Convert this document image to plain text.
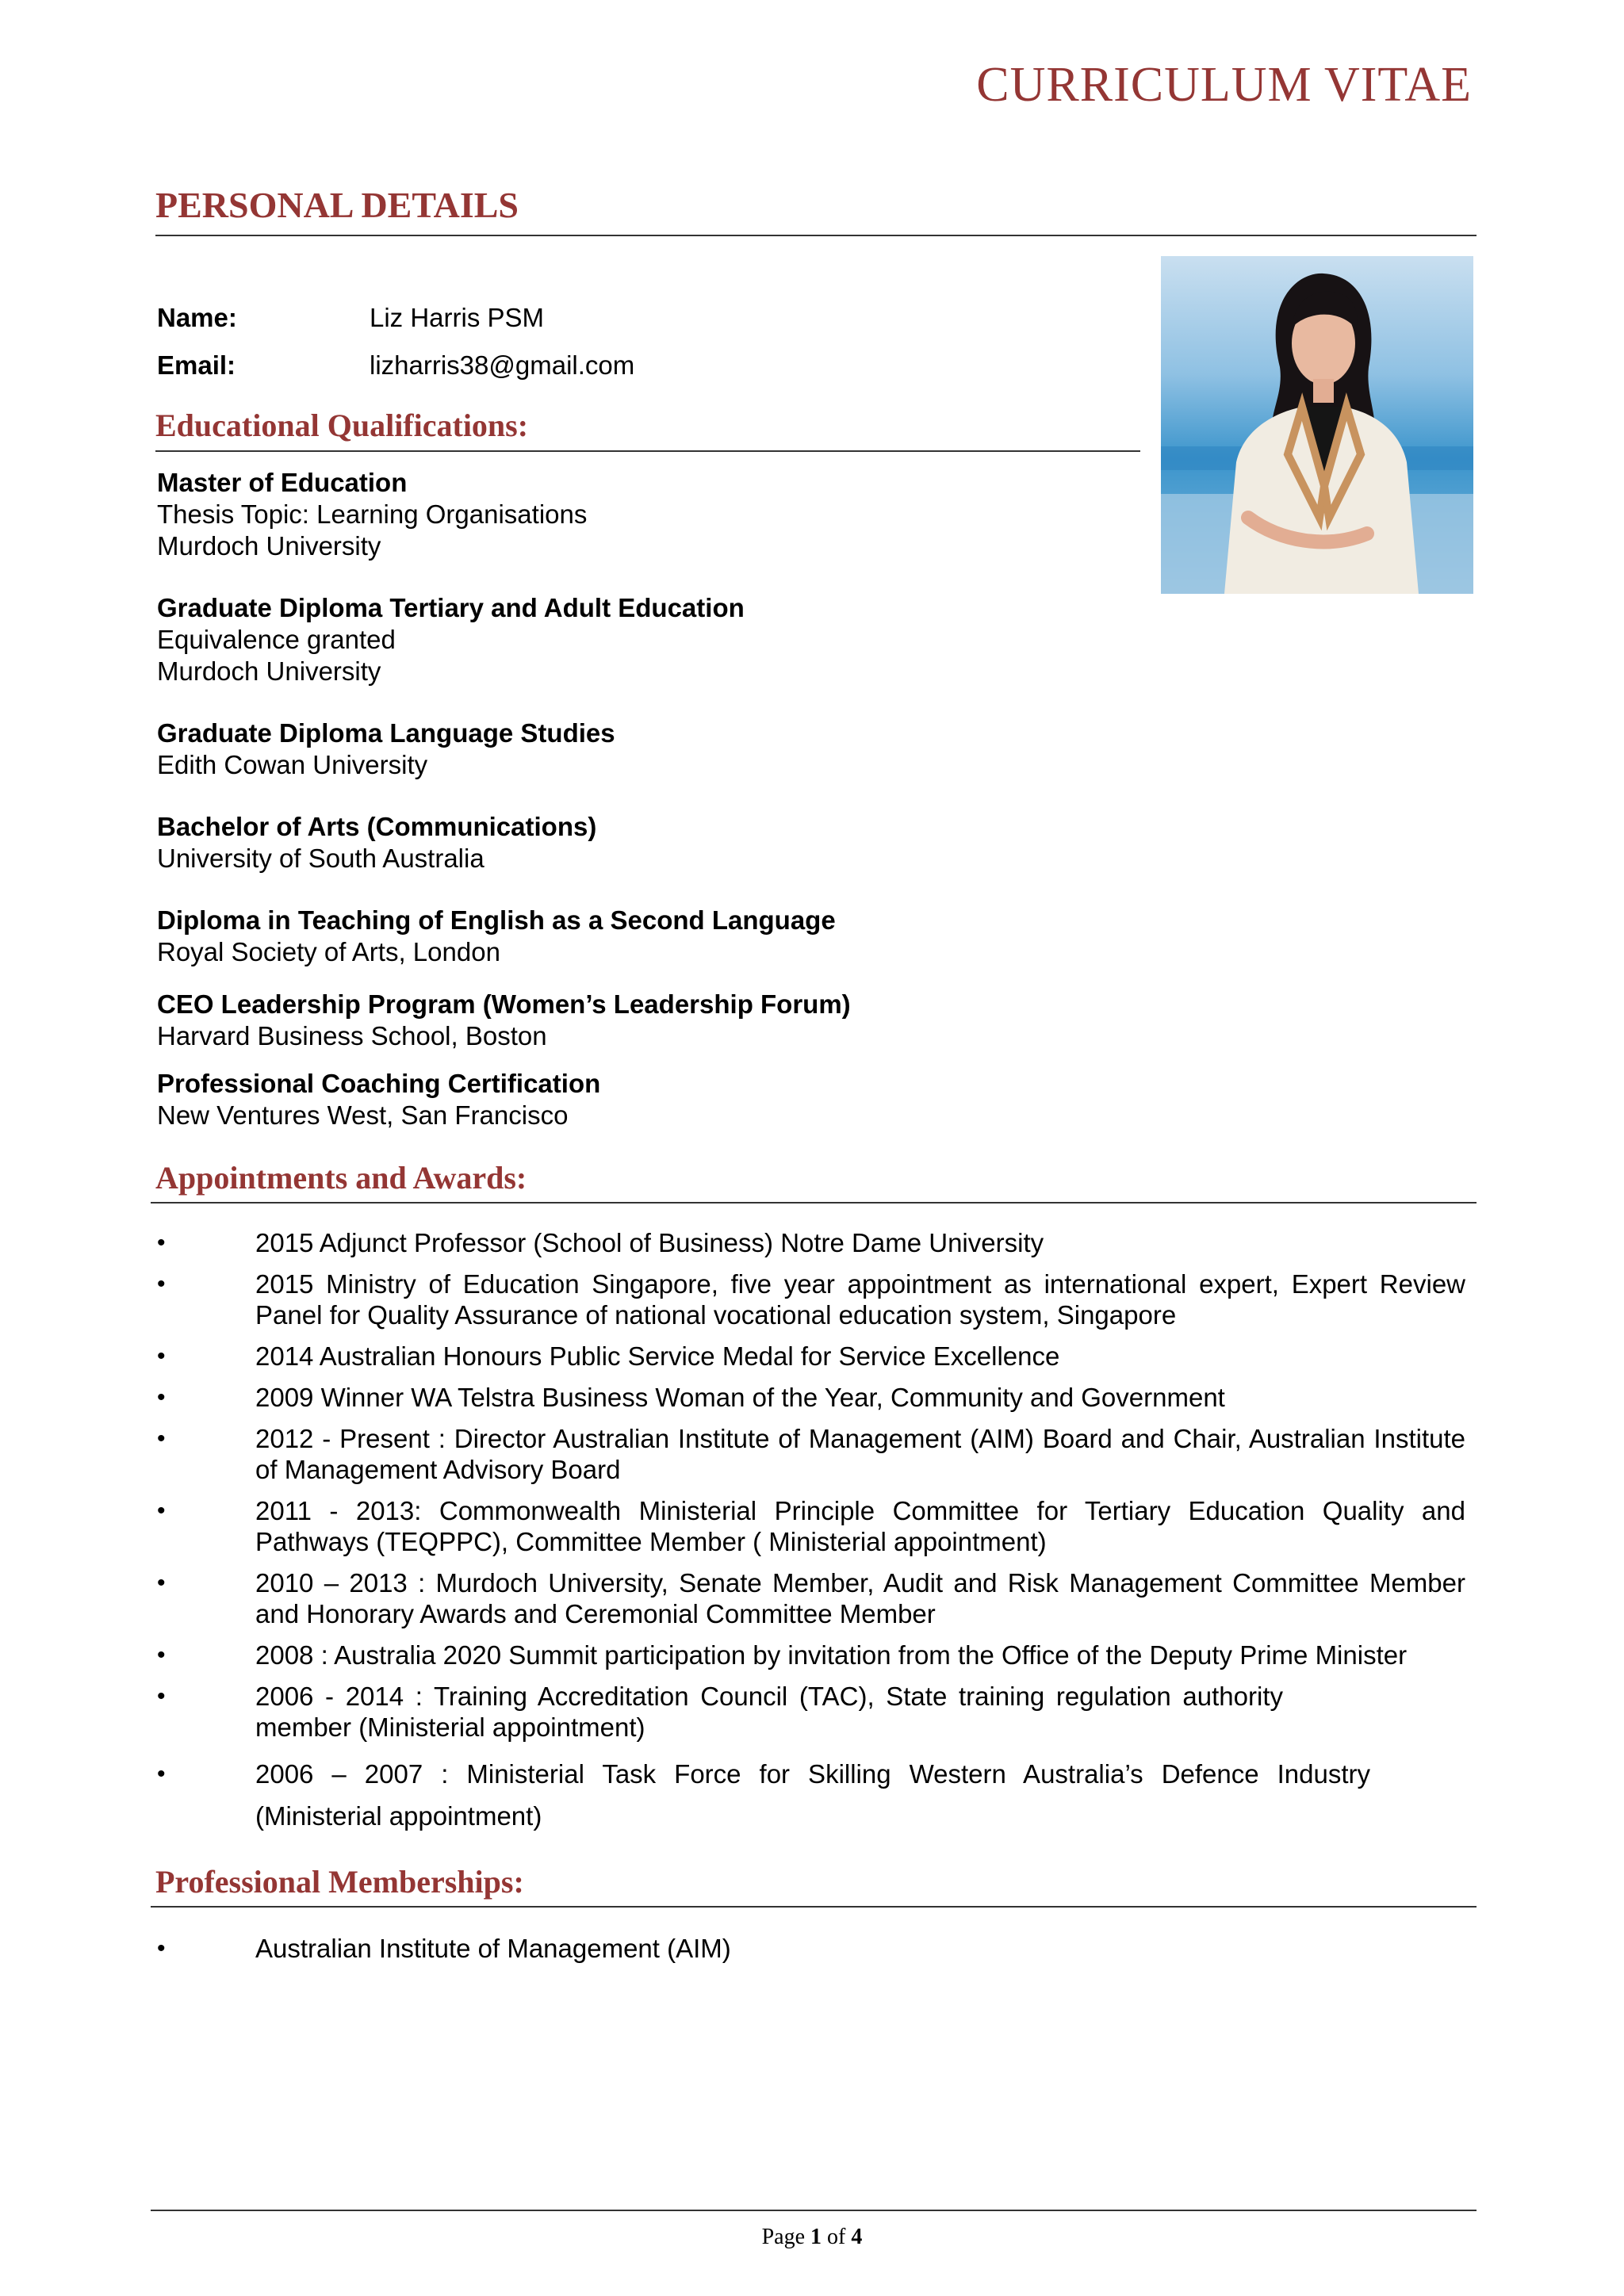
CURRICULUM VITAE
PERSONAL DETAILS
Name:	Liz Harris PSM
Email:	lizharris38@gmail.com
Educational Qualifications:
Master of Education
Thesis Topic: Learning Organisations
Murdoch University
Graduate Diploma Tertiary and Adult Education
Equivalence granted
Murdoch University
Graduate Diploma Language Studies
Edith Cowan University
Bachelor of Arts (Communications)
University of South Australia
Diploma in Teaching of English as a Second Language
Royal Society of Arts, London
CEO Leadership Program (Women’s Leadership Forum)
Harvard Business School, Boston
Professional Coaching Certification
New Ventures West, San Francisco
Appointments and Awards:
•	2015 Adjunct Professor (School of Business) Notre Dame University
•	2015 Ministry of Education Singapore, five year appointment as international expert, Expert Review Panel for Quality Assurance of national vocational education system, Singapore
•	2014 Australian Honours Public Service Medal for Service Excellence
•	2009 Winner WA Telstra Business Woman of the Year, Community and Government
•	2012 - Present : Director Australian Institute of Management (AIM) Board and Chair, Australian Institute of Management Advisory Board
•	2011 - 2013: Commonwealth Ministerial Principle Committee for Tertiary Education Quality and Pathways (TEQPPC), Committee Member ( Ministerial appointment)
•	2010 – 2013 : Murdoch University, Senate Member, Audit and Risk Management Committee Member and Honorary Awards and Ceremonial Committee Member
•	2008 : Australia 2020 Summit participation by invitation from the Office of the Deputy Prime Minister
•	2006 - 2014 : Training Accreditation Council (TAC), State training regulation authority member (Ministerial appointment)
•	2006 – 2007 : Ministerial Task Force for Skilling Western Australia’s Defence Industry (Ministerial appointment)
Professional Memberships:
•	Australian Institute of Management (AIM)
Page 1 of 4
